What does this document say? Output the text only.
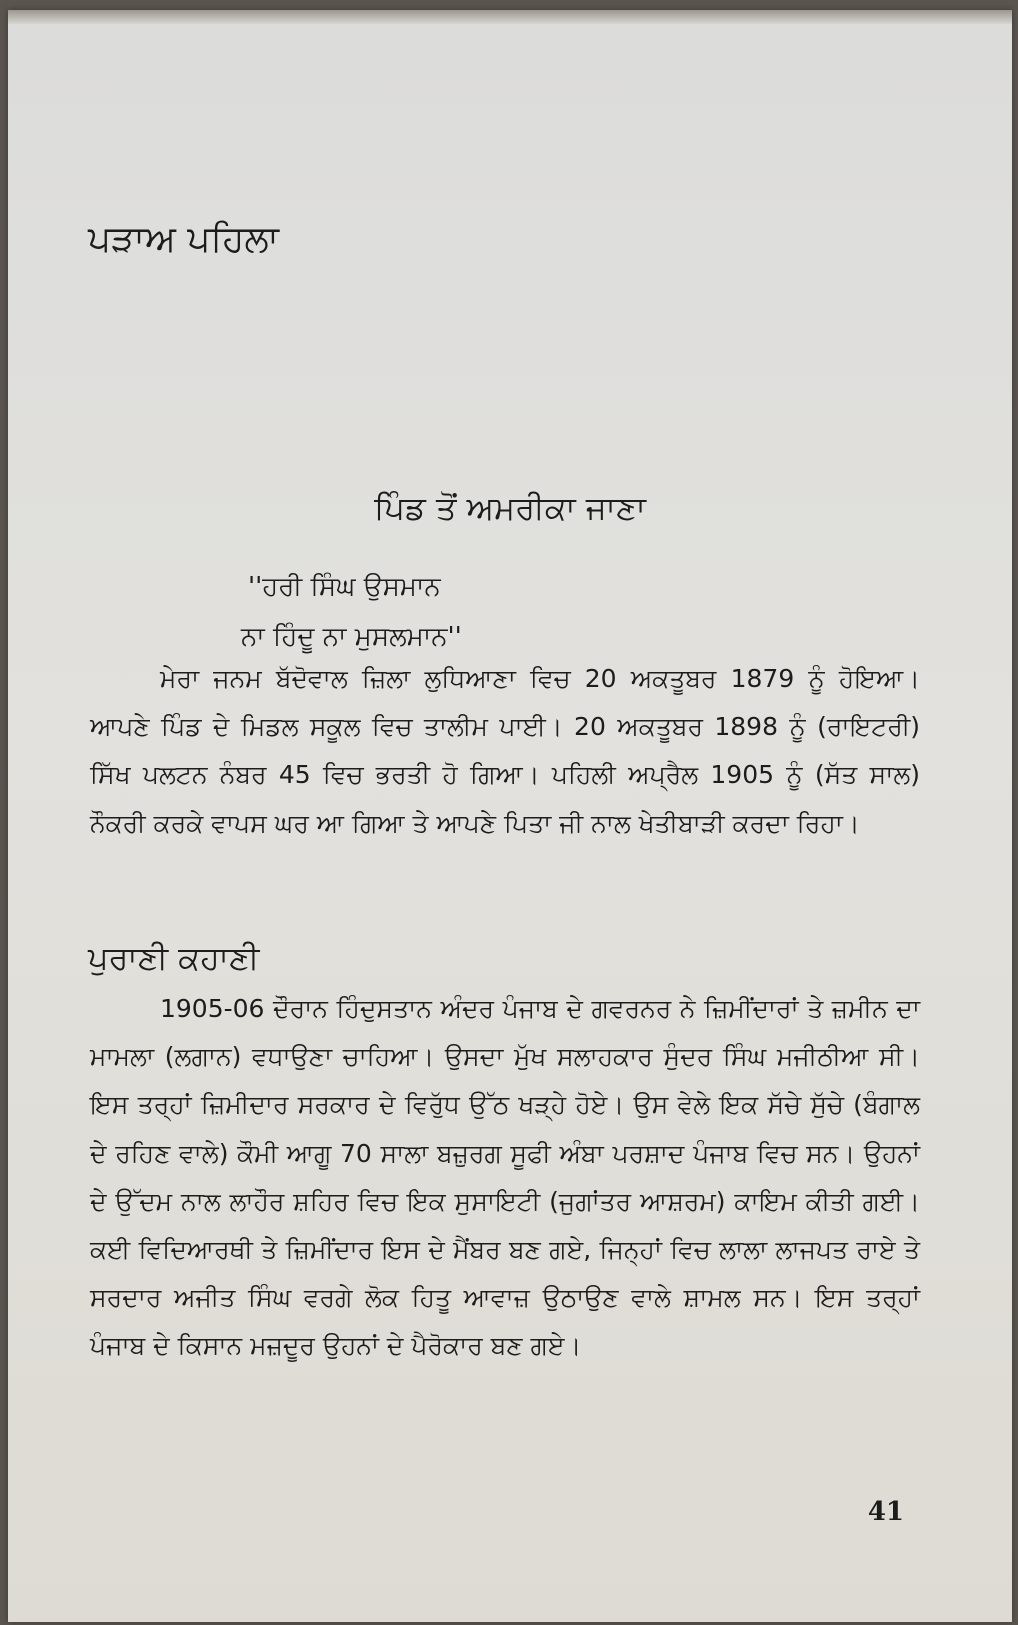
ਪੜਾਅ ਪਹਿਲਾ
ਪਿੰਡ ਤੋਂ ਅਮਰੀਕਾ ਜਾਣਾ

''ਹਰੀ ਸਿੰਘ ਉਸਮਾਨ

ਨਾ ਹਿੰਦੂ ਨਾ ਮੁਸਲਮਾਨ''

ਮੇਰਾ ਜਨਮ ਬੱਦੋਵਾਲ ਜ਼ਿਲਾ ਲੁਧਿਆਣਾ ਵਿਚ 20 ਅਕਤੂਬਰ 1879 ਨੂੰ ਹੋਇਆ। ਆਪਣੇ ਪਿੰਡ ਦੇ ਮਿਡਲ ਸਕੂਲ ਵਿਚ ਤਾਲੀਮ ਪਾਈ। 20 ਅਕਤੂਬਰ 1898 ਨੂੰ (ਰਾਇਟਰੀ) ਸਿੱਖ ਪਲਟਨ ਨੰਬਰ 45 ਵਿਚ ਭਰਤੀ ਹੋ ਗਿਆ। ਪਹਿਲੀ ਅਪ੍ਰੈਲ 1905 ਨੂੰ (ਸੱਤ ਸਾਲ) ਨੌਕਰੀ ਕਰਕੇ ਵਾਪਸ ਘਰ ਆ ਗਿਆ ਤੇ ਆਪਣੇ ਪਿਤਾ ਜੀ ਨਾਲ ਖੇਤੀਬਾੜੀ ਕਰਦਾ ਰਿਹਾ।

ਪੁਰਾਣੀ ਕਹਾਣੀ

1905-06 ਦੌਰਾਨ ਹਿੰਦੁਸਤਾਨ ਅੰਦਰ ਪੰਜਾਬ ਦੇ ਗਵਰਨਰ ਨੇ ਜ਼ਿਮੀਂਦਾਰਾਂ ਤੇ ਜ਼ਮੀਨ ਦਾ ਮਾਮਲਾ (ਲਗਾਨ) ਵਧਾਉਣਾ ਚਾਹਿਆ। ਉਸਦਾ ਮੁੱਖ ਸਲਾਹਕਾਰ ਸੁੰਦਰ ਸਿੰਘ ਮਜੀਠੀਆ ਸੀ। ਇਸ ਤਰ੍ਹਾਂ ਜ਼ਿਮੀਦਾਰ ਸਰਕਾਰ ਦੇ ਵਿਰੁੱਧ ਉੱਠ ਖੜ੍ਹੇ ਹੋਏ। ਉਸ ਵੇਲੇ ਇਕ ਸੱਚੇ ਸੁੱਚੇ (ਬੰਗਾਲ ਦੇ ਰਹਿਣ ਵਾਲੇ) ਕੌਮੀ ਆਗੂ 70 ਸਾਲਾ ਬਜ਼ੁਰਗ ਸੂਫੀ ਅੰਬਾ ਪਰਸ਼ਾਦ ਪੰਜਾਬ ਵਿਚ ਸਨ। ਉਹਨਾਂ ਦੇ ਉੱਦਮ ਨਾਲ ਲਾਹੌਰ ਸ਼ਹਿਰ ਵਿਚ ਇਕ ਸੁਸਾਇਟੀ (ਜੁਗਾਂਤਰ ਆਸ਼ਰਮ) ਕਾਇਮ ਕੀਤੀ ਗਈ। ਕਈ ਵਿਦਿਆਰਥੀ ਤੇ ਜ਼ਿਮੀਂਦਾਰ ਇਸ ਦੇ ਮੈਂਬਰ ਬਣ ਗਏ, ਜਿਨ੍ਹਾਂ ਵਿਚ ਲਾਲਾ ਲਾਜਪਤ ਰਾਏ ਤੇ ਸਰਦਾਰ ਅਜੀਤ ਸਿੰਘ ਵਰਗੇ ਲੋਕ ਹਿਤੂ ਆਵਾਜ਼ ਉਠਾਉਣ ਵਾਲੇ ਸ਼ਾਮਲ ਸਨ। ਇਸ ਤਰ੍ਹਾਂ ਪੰਜਾਬ ਦੇ ਕਿਸਾਨ ਮਜ਼ਦੂਰ ਉਹਨਾਂ ਦੇ ਪੈਰੋਕਾਰ ਬਣ ਗਏ।

41
